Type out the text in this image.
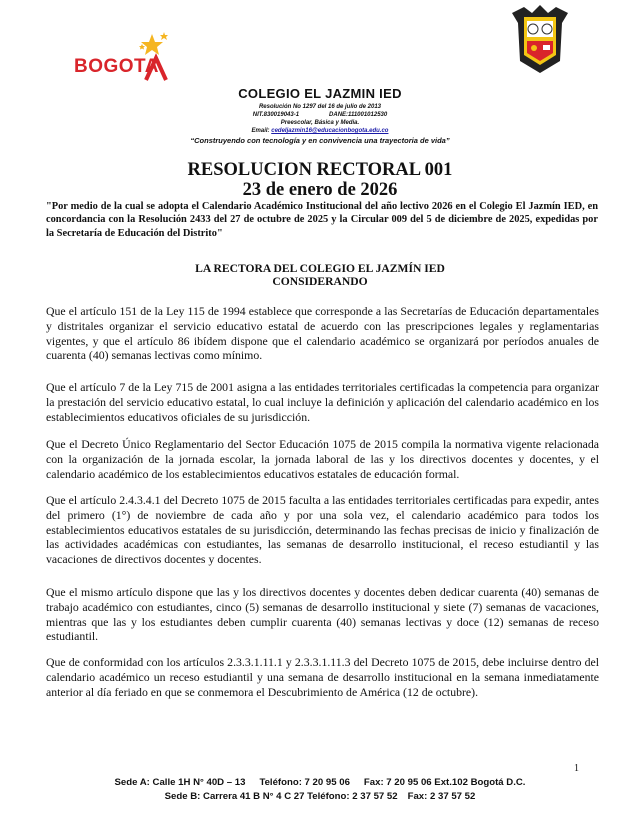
BOGOTA
COLEGIO EL JAZMIN IED
Resolución No 1297 del 16 de julio de 2013
NIT.830019043-1	DANE:111001012530
Preescolar, Básica y Media.
Email: cedeljazmin16@educacionbogota.edu.co
“Construyendo con tecnología y en convivencia una trayectoria de vida”
RESOLUCION RECTORAL 001
23 de enero de 2026
"Por medio de la cual se adopta el Calendario Académico Institucional del año lectivo 2026 en el Colegio El Jazmín IED, en concordancia con la Resolución 2433 del 27 de octubre de 2025 y la Circular 009 del 5 de diciembre de 2025, expedidas por la Secretaría de Educación del Distrito"
LA RECTORA DEL COLEGIO EL JAZMÍN IED
CONSIDERANDO
Que el artículo 151 de la Ley 115 de 1994 establece que corresponde a las Secretarías de Educación departamentales y distritales organizar el servicio educativo estatal de acuerdo con las prescripciones legales y reglamentarias vigentes, y que el artículo 86 ibídem dispone que el calendario académico se organizará por períodos anuales de cuarenta (40) semanas lectivas como mínimo.
Que el artículo 7 de la Ley 715 de 2001 asigna a las entidades territoriales certificadas la competencia para organizar la prestación del servicio educativo estatal, lo cual incluye la definición y aplicación del calendario académico en los establecimientos educativos oficiales de su jurisdicción.
Que el Decreto Único Reglamentario del Sector Educación 1075 de 2015 compila la normativa vigente relacionada con la organización de la jornada escolar, la jornada laboral de las y los directivos docentes y docentes, y el calendario académico de los establecimientos educativos estatales de educación formal.
Que el artículo 2.4.3.4.1 del Decreto 1075 de 2015 faculta a las entidades territoriales certificadas para expedir, antes del primero (1°) de noviembre de cada año y por una sola vez, el calendario académico para todos los establecimientos educativos estatales de su jurisdicción, determinando las fechas precisas de inicio y finalización de las actividades académicas con estudiantes, las semanas de desarrollo institucional, el receso estudiantil y las vacaciones de directivos docentes y docentes.
Que el mismo artículo dispone que las y los directivos docentes y docentes deben dedicar cuarenta (40) semanas de trabajo académico con estudiantes, cinco (5) semanas de desarrollo institucional y siete (7) semanas de vacaciones, mientras que las y los estudiantes deben cumplir cuarenta (40) semanas lectivas y doce (12) semanas de receso estudiantil.
Que de conformidad con los artículos 2.3.3.1.11.1 y 2.3.3.1.11.3 del Decreto 1075 de 2015, debe incluirse dentro del calendario académico un receso estudiantil y una semana de desarrollo institucional en la semana inmediatamente anterior al día feriado en que se conmemora el Descubrimiento de América (12 de octubre).
1
Sede A: Calle 1H N° 40D – 13 Teléfono: 7 20 95 06 Fax: 7 20 95 06 Ext.102 Bogotá D.C.
Sede B: Carrera 41 B N° 4 C 27 Teléfono: 2 37 57 52 Fax: 2 37 57 52
